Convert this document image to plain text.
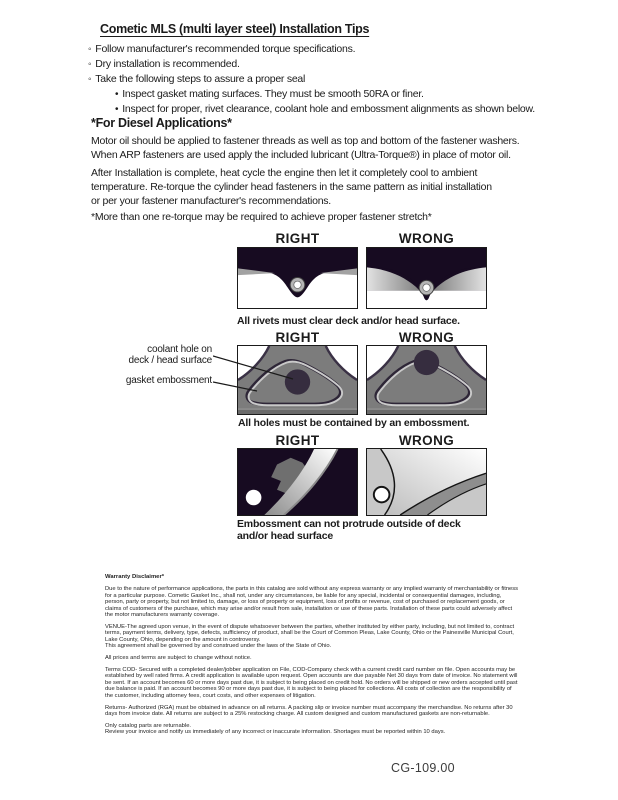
Cometic MLS (multi layer steel) Installation Tips
◦ Follow manufacturer's recommended torque specifications.
◦ Dry installation is recommended.
◦ Take the following steps to assure a proper seal
• Inspect gasket mating surfaces. They must be smooth 50RA or finer.
• Inspect for proper, rivet clearance, coolant hole and embossment alignments as shown below.
*For Diesel Applications*
Motor oil should be applied to fastener threads as well as top and bottom of the fastener washers.
When ARP fasteners are used apply the included lubricant (Ultra-Torque®) in place of motor oil.
After Installation is complete, heat cycle the engine then let it completely cool to ambient
temperature. Re-torque the cylinder head fasteners in the same pattern as initial installation
or per your fastener manufacturer's recommendations.
*More than one re-torque may be required to achieve proper fastener stretch*
RIGHT	WRONG
All rivets must clear deck and/or head surface.
RIGHT	WRONG
coolant hole on
deck / head surface
gasket embossment
All holes must be contained by an embossment.
RIGHT	WRONG
Embossment can not protrude outside of deck
and/or head surface
Warranty Disclaimer*
Due to the nature of performance applications, the parts in this catalog are sold without any express warranty or any implied warranty of merchantability or fitness for a particular purpose. Cometic Gasket Inc., shall not, under any circumstances, be liable for any special, incidental or consequential damages, including, person, party or property, but not limited to, damage, or loss of property or equipment, loss of profits or revenue, cost of purchased or replacement goods, or claims of customers of the purchase, which may arise and/or result from sale, installation or use of these parts. Installation of these parts could adversely affect the motor manufacturers warranty coverage.
VENUE-The agreed upon venue, in the event of dispute whatsoever between the parties, whether instituted by either party, including, but not limited to, contract terms, payment terms, delivery, type, defects, sufficiency of product, shall be the Court of Common Pleas, Lake County, Ohio or the Painesville Municipal Court, Lake County, Ohio, depending on the amount in controversy.
This agreement shall be governed by and construed under the laws of the State of Ohio.
All prices and terms are subject to change without notice.
Terms COD- Secured with a completed dealer/jobber application on File, COD-Company check with a current credit card number on file. Open accounts may be established by well rated firms. A credit application is available upon request. Open accounts are due payable Net 30 days from date of invoice. No statement will be sent. If an account becomes 60 or more days past due, it is subject to being placed on credit hold. No orders will be shipped or new orders accepted until past due balance is paid. If an account becomes 90 or more days past due, it is subject to being placed for collections. All costs of collection are the responsibility of the customer, including attorney fees, court costs, and other expenses of litigation.
Returns- Authorized (RGA) must be obtained in advance on all returns. A packing slip or invoice number must accompany the merchandise. No returns after 30 days from invoice date. All returns are subject to a 25% restocking charge. All custom designed and custom manufactured gaskets are non-returnable.
Only catalog parts are returnable.
Review your invoice and notify us immediately of any incorrect or inaccurate information. Shortages must be reported within 10 days.
CG-109.00
